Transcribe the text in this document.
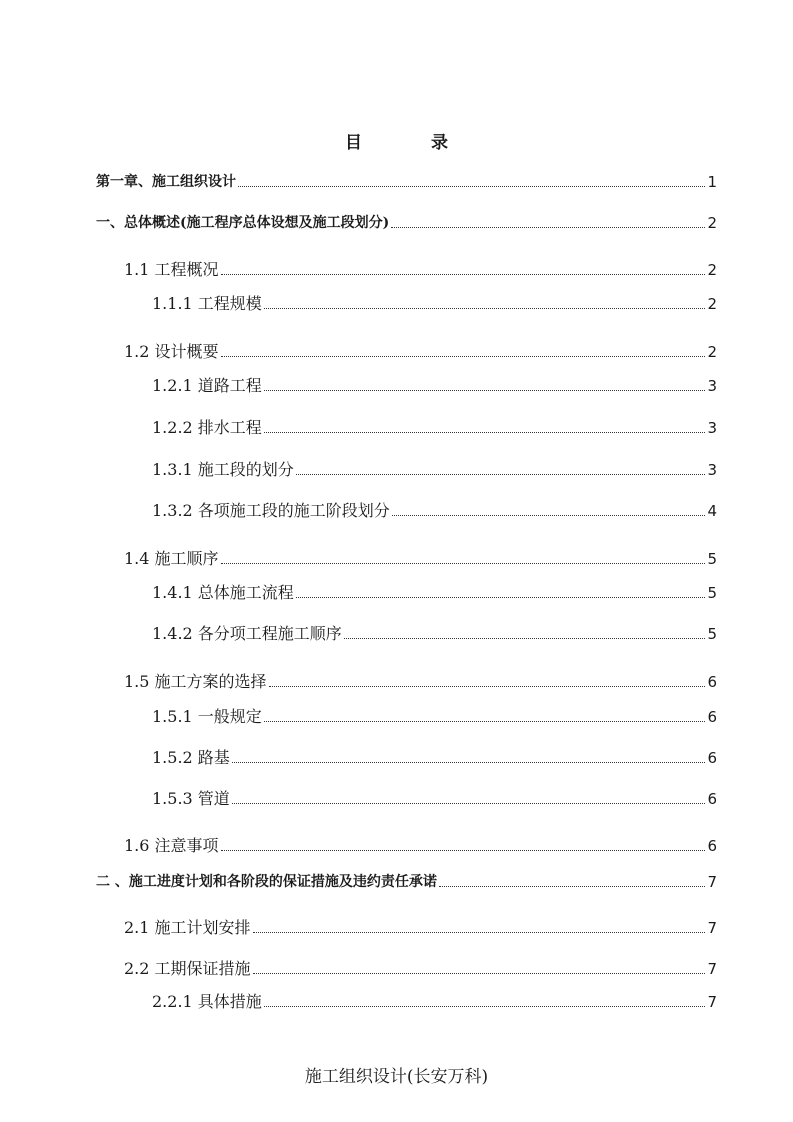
目　录
第一章、施工组织设计	1
一、总体概述(施工程序总体设想及施工段划分)	2
1.1 工程概况	2
1.1.1 工程规模	2
1.2 设计概要	2
1.2.1 道路工程	3
1.2.2 排水工程	3
1.3.1 施工段的划分	3
1.3.2 各项施工段的施工阶段划分	4
1.4 施工顺序	5
1.4.1 总体施工流程	5
1.4.2 各分项工程施工顺序	5
1.5 施工方案的选择	6
1.5.1 一般规定	6
1.5.2 路基	6
1.5.3 管道	6
1.6 注意事项	6
二 、施工进度计划和各阶段的保证措施及违约责任承诺	7
2.1 施工计划安排	7
2.2 工期保证措施	7
2.2.1 具体措施	7
施工组织设计(长安万科)
